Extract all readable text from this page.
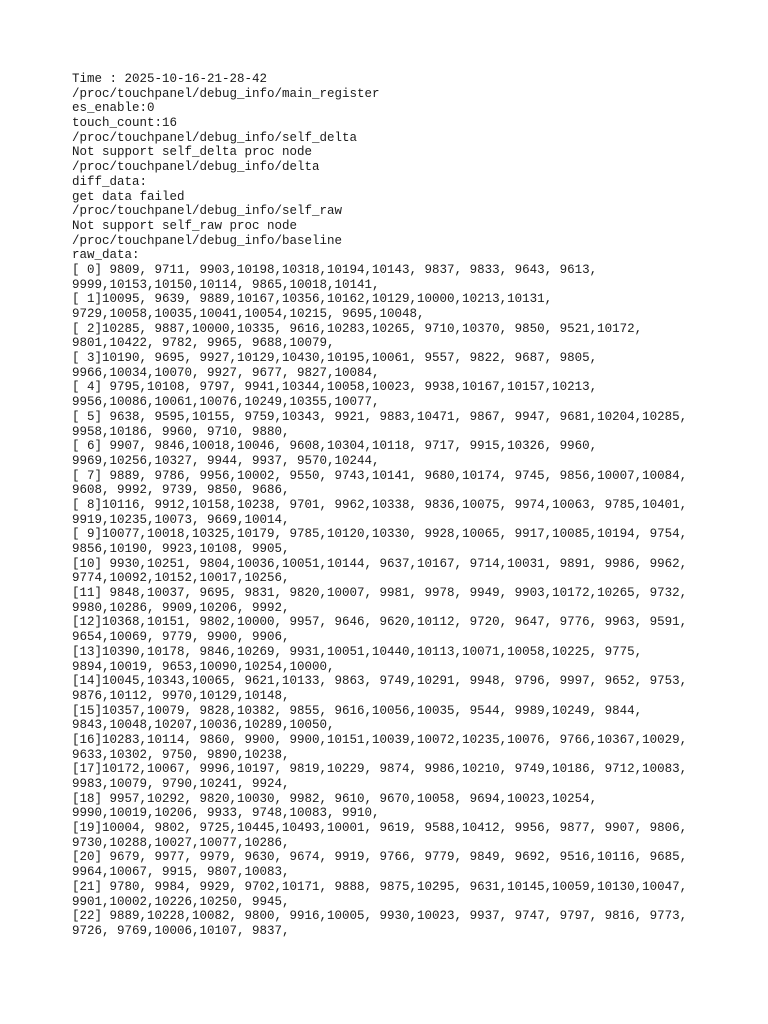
Time : 2025-10-16-21-28-42
/proc/touchpanel/debug_info/main_register
es_enable:0
touch_count:16
/proc/touchpanel/debug_info/self_delta
Not support self_delta proc node
/proc/touchpanel/debug_info/delta
diff_data:
get data failed
/proc/touchpanel/debug_info/self_raw
Not support self_raw proc node
/proc/touchpanel/debug_info/baseline
raw_data:
[ 0] 9809, 9711, 9903,10198,10318,10194,10143, 9837, 9833, 9643, 9613,
9999,10153,10150,10114, 9865,10018,10141,
[ 1]10095, 9639, 9889,10167,10356,10162,10129,10000,10213,10131,
9729,10058,10035,10041,10054,10215, 9695,10048,
[ 2]10285, 9887,10000,10335, 9616,10283,10265, 9710,10370, 9850, 9521,10172,
9801,10422, 9782, 9965, 9688,10079,
[ 3]10190, 9695, 9927,10129,10430,10195,10061, 9557, 9822, 9687, 9805,
9966,10034,10070, 9927, 9677, 9827,10084,
[ 4] 9795,10108, 9797, 9941,10344,10058,10023, 9938,10167,10157,10213,
9956,10086,10061,10076,10249,10355,10077,
[ 5] 9638, 9595,10155, 9759,10343, 9921, 9883,10471, 9867, 9947, 9681,10204,10285,
9958,10186, 9960, 9710, 9880,
[ 6] 9907, 9846,10018,10046, 9608,10304,10118, 9717, 9915,10326, 9960,
9969,10256,10327, 9944, 9937, 9570,10244,
[ 7] 9889, 9786, 9956,10002, 9550, 9743,10141, 9680,10174, 9745, 9856,10007,10084,
9608, 9992, 9739, 9850, 9686,
[ 8]10116, 9912,10158,10238, 9701, 9962,10338, 9836,10075, 9974,10063, 9785,10401,
9919,10235,10073, 9669,10014,
[ 9]10077,10018,10325,10179, 9785,10120,10330, 9928,10065, 9917,10085,10194, 9754,
9856,10190, 9923,10108, 9905,
[10] 9930,10251, 9804,10036,10051,10144, 9637,10167, 9714,10031, 9891, 9986, 9962,
9774,10092,10152,10017,10256,
[11] 9848,10037, 9695, 9831, 9820,10007, 9981, 9978, 9949, 9903,10172,10265, 9732,
9980,10286, 9909,10206, 9992,
[12]10368,10151, 9802,10000, 9957, 9646, 9620,10112, 9720, 9647, 9776, 9963, 9591,
9654,10069, 9779, 9900, 9906,
[13]10390,10178, 9846,10269, 9931,10051,10440,10113,10071,10058,10225, 9775,
9894,10019, 9653,10090,10254,10000,
[14]10045,10343,10065, 9621,10133, 9863, 9749,10291, 9948, 9796, 9997, 9652, 9753,
9876,10112, 9970,10129,10148,
[15]10357,10079, 9828,10382, 9855, 9616,10056,10035, 9544, 9989,10249, 9844,
9843,10048,10207,10036,10289,10050,
[16]10283,10114, 9860, 9900, 9900,10151,10039,10072,10235,10076, 9766,10367,10029,
9633,10302, 9750, 9890,10238,
[17]10172,10067, 9996,10197, 9819,10229, 9874, 9986,10210, 9749,10186, 9712,10083,
9983,10079, 9790,10241, 9924,
[18] 9957,10292, 9820,10030, 9982, 9610, 9670,10058, 9694,10023,10254,
9990,10019,10206, 9933, 9748,10083, 9910,
[19]10004, 9802, 9725,10445,10493,10001, 9619, 9588,10412, 9956, 9877, 9907, 9806,
9730,10288,10027,10077,10286,
[20] 9679, 9977, 9979, 9630, 9674, 9919, 9766, 9779, 9849, 9692, 9516,10116, 9685,
9964,10067, 9915, 9807,10083,
[21] 9780, 9984, 9929, 9702,10171, 9888, 9875,10295, 9631,10145,10059,10130,10047,
9901,10002,10226,10250, 9945,
[22] 9889,10228,10082, 9800, 9916,10005, 9930,10023, 9937, 9747, 9797, 9816, 9773,
9726, 9769,10006,10107, 9837,
